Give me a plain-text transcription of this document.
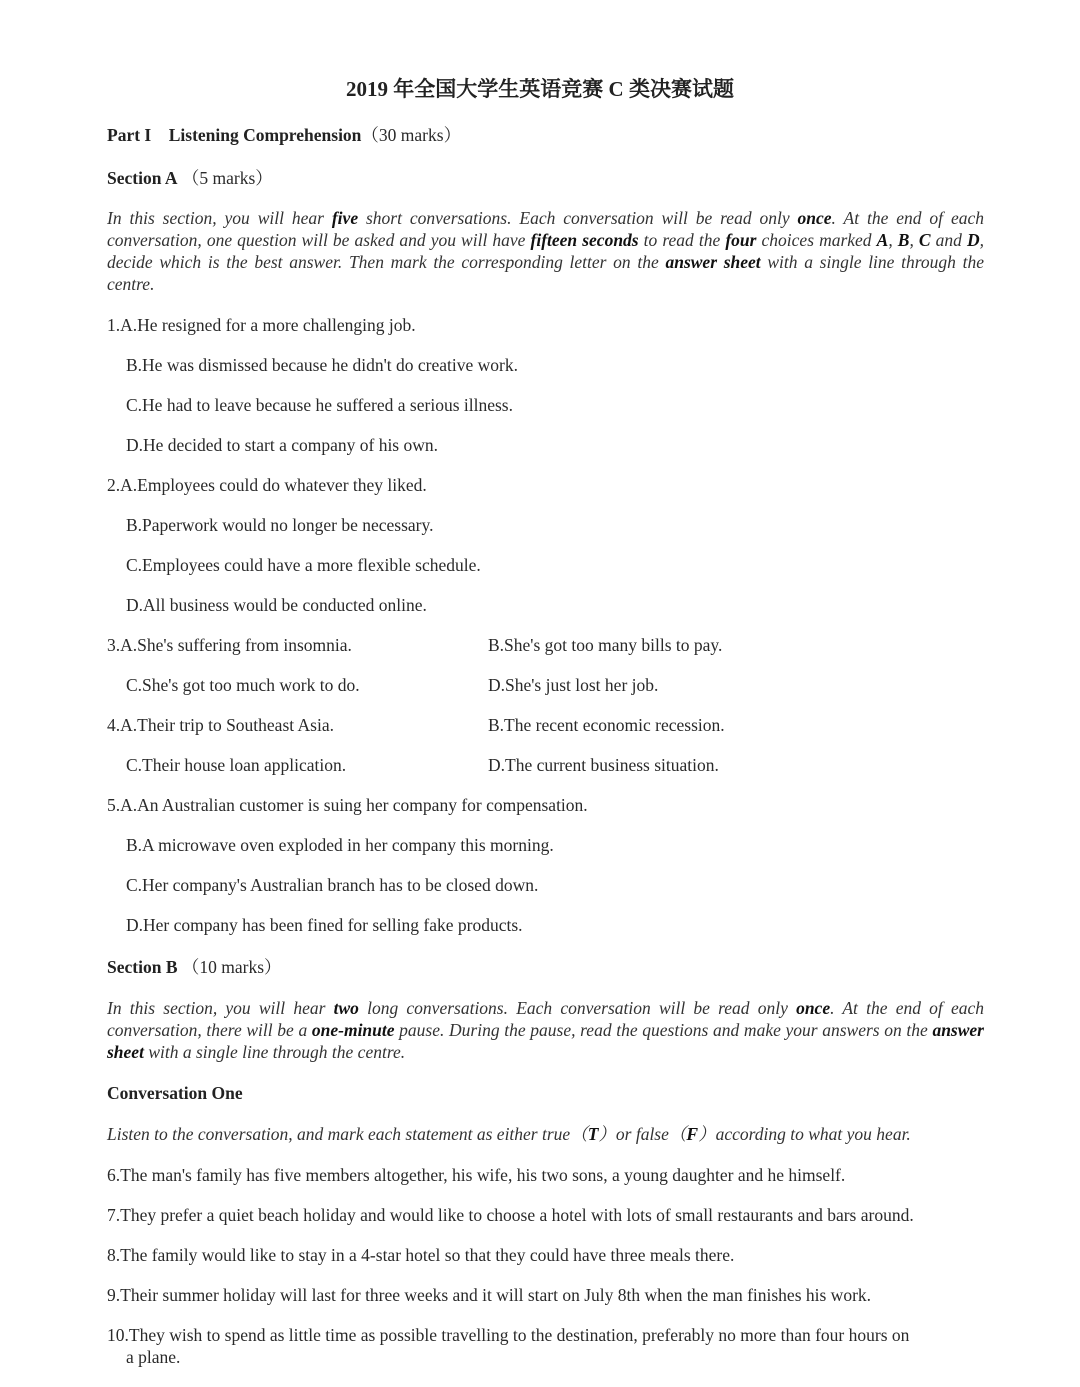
2019 年全国大学生英语竞赛 C 类决赛试题
Part I    Listening Comprehension（30 marks）
Section A （5 marks）
In this section, you will hear five short conversations. Each conversation will be read only once. At the end of each conversation, one question will be asked and you will have fifteen seconds to read the four choices marked A, B, C and D, decide which is the best answer. Then mark the corresponding letter on the answer sheet with a single line through the centre.
1.A.He resigned for a more challenging job.
B.He was dismissed because he didn't do creative work.
C.He had to leave because he suffered a serious illness.
D.He decided to start a company of his own.
2.A.Employees could do whatever they liked.
B.Paperwork would no longer be necessary.
C.Employees could have a more flexible schedule.
D.All business would be conducted online.
3.A.She's suffering from insomnia.	B.She's got too many bills to pay.
C.She's got too much work to do.	D.She's just lost her job.
4.A.Their trip to Southeast Asia.	B.The recent economic recession.
C.Their house loan application.	D.The current business situation.
5.A.An Australian customer is suing her company for compensation.
B.A microwave oven exploded in her company this morning.
C.Her company's Australian branch has to be closed down.
D.Her company has been fined for selling fake products.
Section B （10 marks）
In this section, you will hear two long conversations. Each conversation will be read only once. At the end of each conversation, there will be a one-minute pause. During the pause, read the questions and make your answers on the answer sheet with a single line through the centre.
Conversation One
Listen to the conversation, and mark each statement as either true（T）or false（F）according to what you hear.
6.The man's family has five members altogether, his wife, his two sons, a young daughter and he himself.
7.They prefer a quiet beach holiday and would like to choose a hotel with lots of small restaurants and bars around.
8.The family would like to stay in a 4-star hotel so that they could have three meals there.
9.Their summer holiday will last for three weeks and it will start on July 8th when the man finishes his work.
10.They wish to spend as little time as possible travelling to the destination, preferably no more than four hours on
a plane.
